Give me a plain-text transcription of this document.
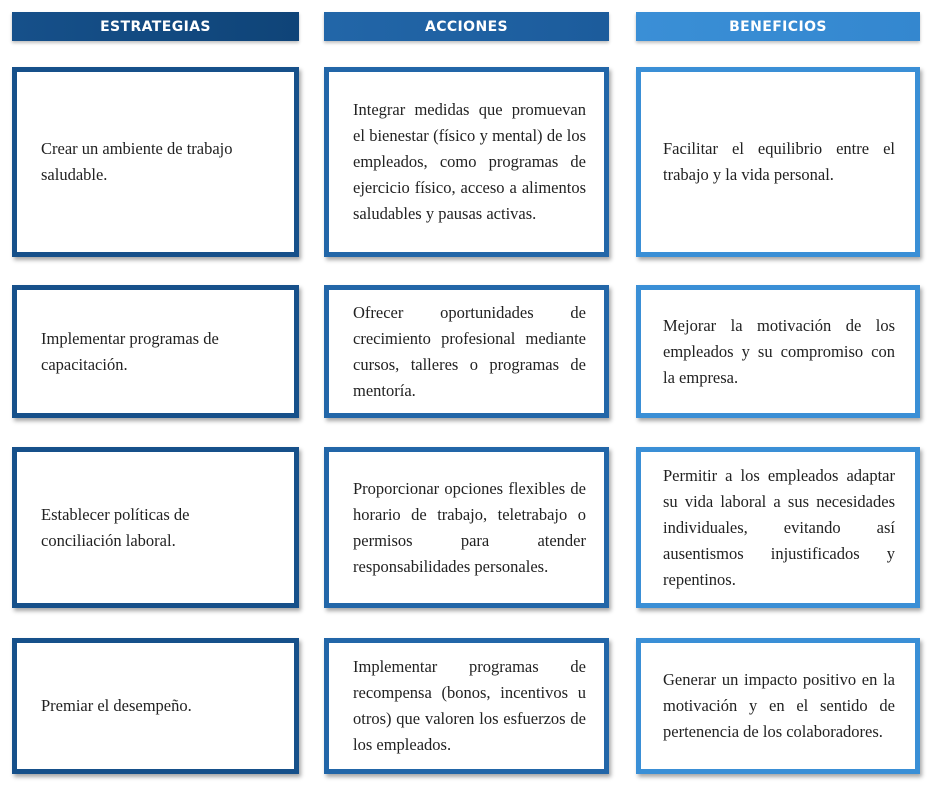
ESTRATEGIAS	ACCIONES	BENEFICIOS
Crear un ambiente de trabajo saludable.
Integrar medidas que promuevan el bienestar (físico y mental) de los empleados, como programas de ejercicio físico, acceso a alimentos saludables y pausas activas.
Facilitar el equilibrio entre el trabajo y la vida personal.
Implementar programas de capacitación.
Ofrecer oportunidades de crecimiento profesional mediante cursos, talleres o programas de mentoría.
Mejorar la motivación de los empleados y su compromiso con la empresa.
Establecer políticas de conciliación laboral.
Proporcionar opciones flexibles de horario de trabajo, teletrabajo o permisos para atender responsabilidades personales.
Permitir a los empleados adaptar su vida laboral a sus necesidades individuales, evitando así ausentismos injustificados y repentinos.
Premiar el desempeño.
Implementar programas de recompensa (bonos, incentivos u otros) que valoren los esfuerzos de los empleados.
Generar un impacto positivo en la motivación y en el sentido de pertenencia de los colaboradores.
